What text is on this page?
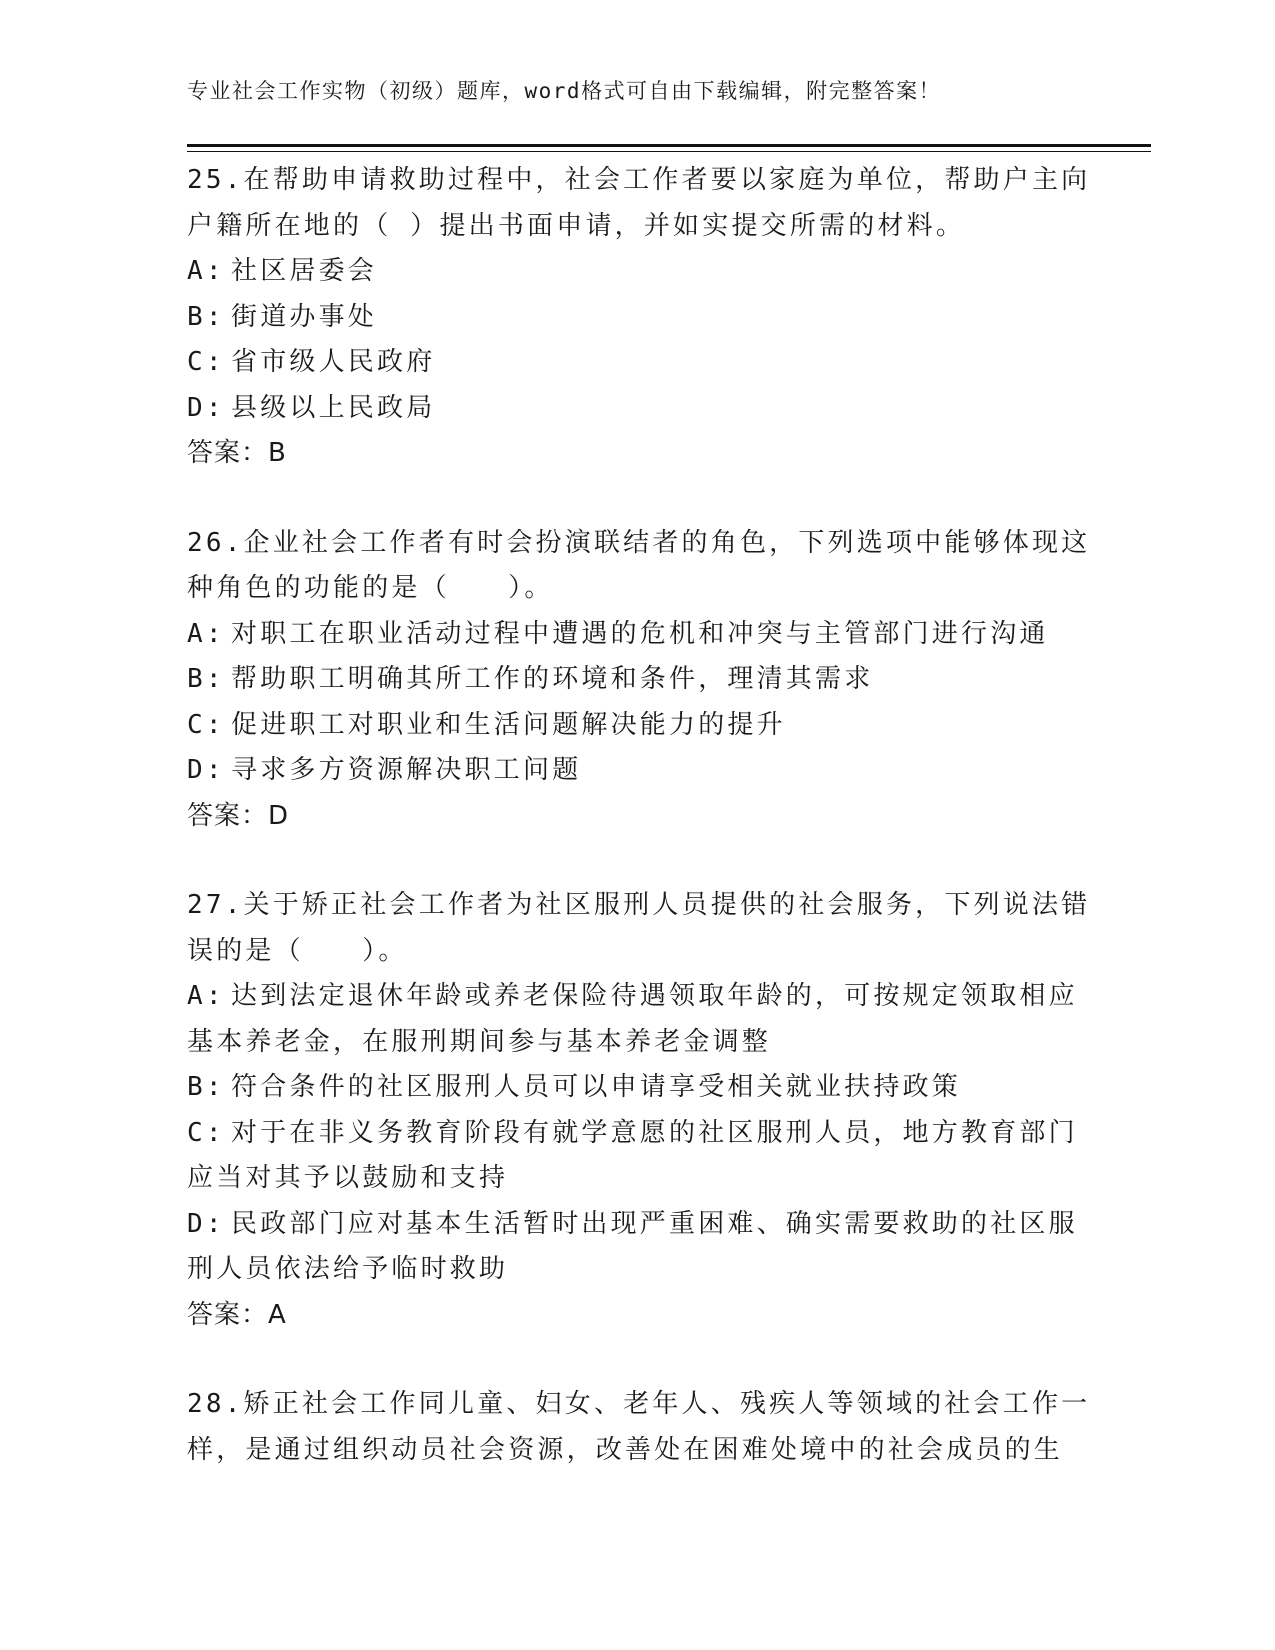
专业社会工作实物（初级）题库，word格式可自由下载编辑，附完整答案！
25.在帮助申请救助过程中，社会工作者要以家庭为单位，帮助户主向
户籍所在地的（ ）提出书面申请，并如实提交所需的材料。
A: 社区居委会
B: 街道办事处
C: 省市级人民政府
D: 县级以上民政局
答案：B
26.企业社会工作者有时会扮演联结者的角色，下列选项中能够体现这
种角色的功能的是（　　）。
A: 对职工在职业活动过程中遭遇的危机和冲突与主管部门进行沟通
B: 帮助职工明确其所工作的环境和条件，理清其需求
C: 促进职工对职业和生活问题解决能力的提升
D: 寻求多方资源解决职工问题
答案：D
27.关于矫正社会工作者为社区服刑人员提供的社会服务，下列说法错
误的是（　　）。
A: 达到法定退休年龄或养老保险待遇领取年龄的，可按规定领取相应
基本养老金，在服刑期间参与基本养老金调整
B: 符合条件的社区服刑人员可以申请享受相关就业扶持政策
C: 对于在非义务教育阶段有就学意愿的社区服刑人员，地方教育部门
应当对其予以鼓励和支持
D: 民政部门应对基本生活暂时出现严重困难、确实需要救助的社区服
刑人员依法给予临时救助
答案：A
28.矫正社会工作同儿童、妇女、老年人、残疾人等领域的社会工作一
样，是通过组织动员社会资源，改善处在困难处境中的社会成员的生
